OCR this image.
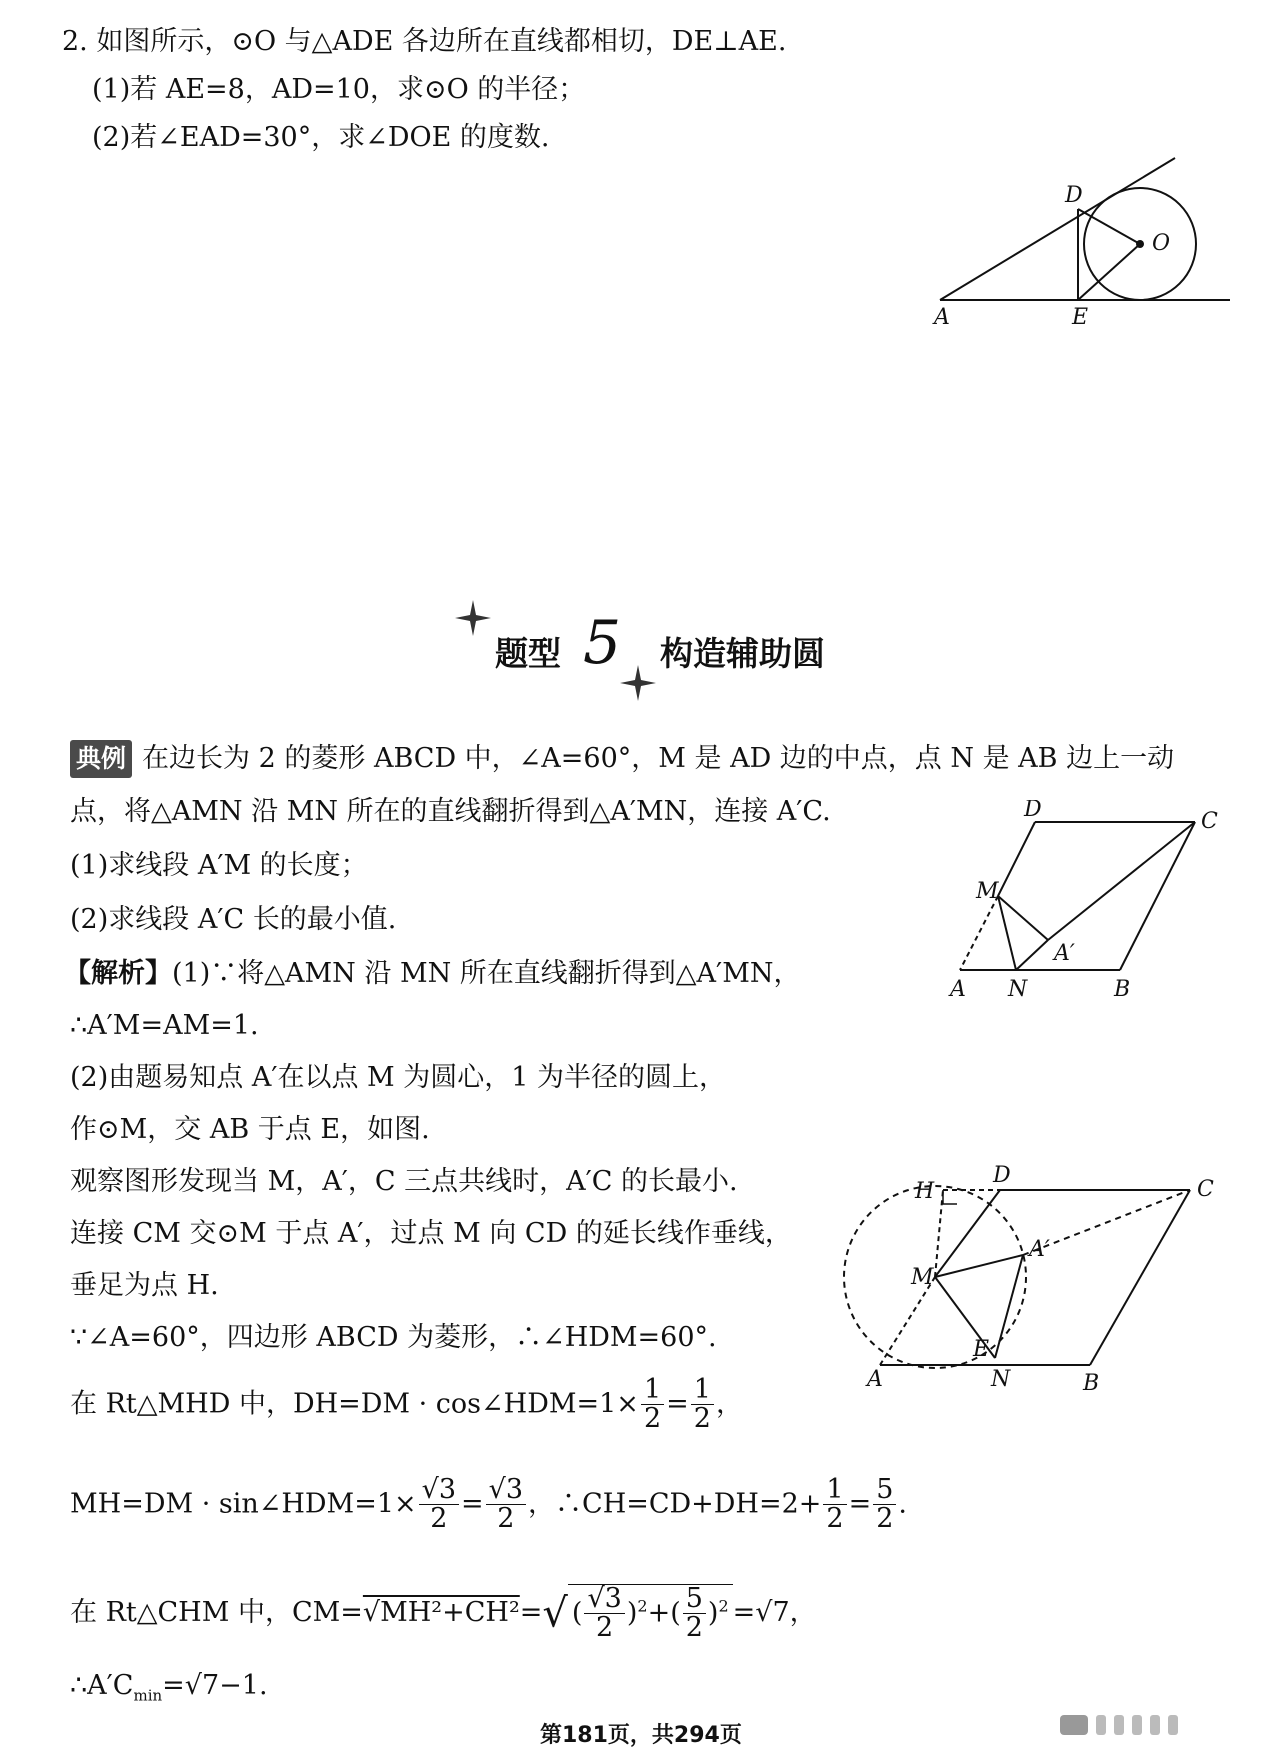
2. 如图所示，⊙O 与△ADE 各边所在直线都相切，DE⊥AE.
(1)若 AE=8，AD=10，求⊙O 的半径；
(2)若∠EAD=30°，求∠DOE 的度数.
D
O
A	E
题型 5 构造辅助圆
典例 在边长为 2 的菱形 ABCD 中，∠A=60°，M 是 AD 边的中点，点 N 是 AB 边上一动
点，将△AMN 沿 MN 所在的直线翻折得到△A′MN，连接 A′C.
(1)求线段 A′M 的长度；
(2)求线段 A′C 长的最小值.
D	C
M
A′
A N	B
【解析】(1)∵将△AMN 沿 MN 所在直线翻折得到△A′MN，
∴A′M=AM=1.
(2)由题易知点 A′在以点 M 为圆心，1 为半径的圆上，
作⊙M，交 AB 于点 E，如图.
观察图形发现当 M，A′，C 三点共线时，A′C 的长最小.
连接 CM 交⊙M 于点 A′，过点 M 向 CD 的延长线作垂线，
垂足为点 H.
∵∠A=60°，四边形 ABCD 为菱形，∴∠HDM=60°.
在 Rt△MHD 中，DH=DM · cos∠HDM=1× $\frac{1}{2} = \frac{1}{2}$ ，
MH=DM · sin∠HDM=1× $\frac{√3}{2} = \frac{√3}{2}$ ，∴CH=CD+DH=2+ $\frac{1}{2} = \frac{5}{2}$ .
在 Rt△CHM 中，CM=√MH²+CH²=√ ( $\frac{√3}{2} )^2+( \frac{5}{2} )^2 =√7$，
$\therefore A'C_{min}=√7-1$.
H
D
C
M
A′
E
A	N	B
第181页，共294页
